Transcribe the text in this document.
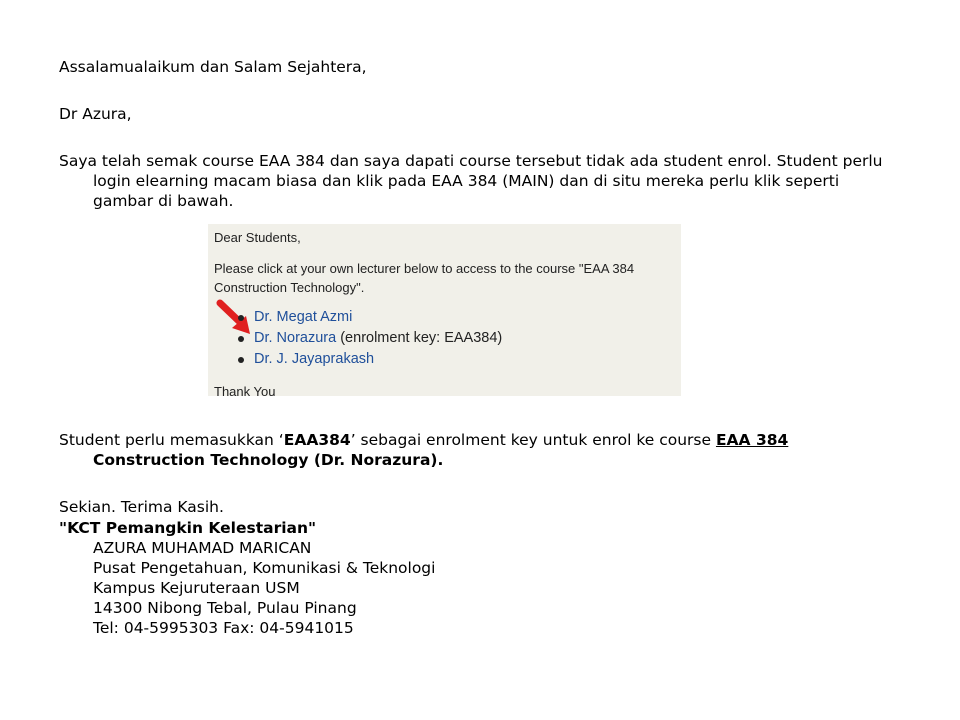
Assalamualaikum dan Salam Sejahtera,
Dr Azura,
Saya telah semak course EAA 384 dan saya dapati course tersebut tidak ada student enrol. Student perlu login elearning macam biasa dan klik pada EAA 384 (MAIN) dan di situ mereka perlu klik seperti gambar di bawah.
Dear Students,
Please click at your own lecturer below to access to the course "EAA 384
Construction Technology".
Dr. Megat Azmi
Dr. Norazura (enrolment key: EAA384)
Dr. J. Jayaprakash
Thank You
Student perlu memasukkan ‘EAA384’ sebagai enrolment key untuk enrol ke course EAA 384 Construction Technology (Dr. Norazura).
Sekian. Terima Kasih.
"KCT Pemangkin Kelestarian"
AZURA MUHAMAD MARICAN
Pusat Pengetahuan, Komunikasi & Teknologi
Kampus Kejuruteraan USM
14300 Nibong Tebal, Pulau Pinang
Tel: 04-5995303 Fax: 04-5941015
